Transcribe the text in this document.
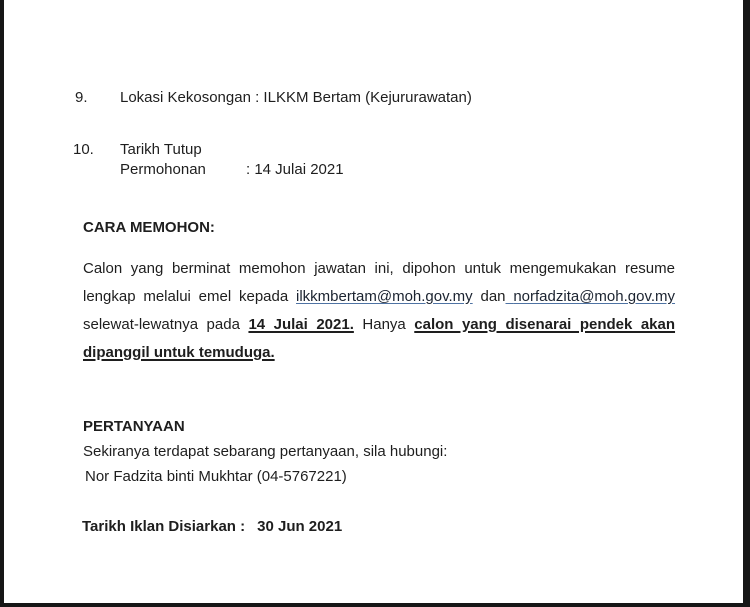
9. Lokasi Kekosongan : ILKKM Bertam (Kejururawatan)
10. Tarikh Tutup
Permohonan	: 14 Julai 2021
CARA MEMOHON:
Calon yang berminat memohon jawatan ini, dipohon untuk mengemukakan resume
lengkap melalui emel kepada ilkkmbertam@moh.gov.my dan norfadzita@moh.gov.my
selewat-lewatnya pada 14 Julai 2021. Hanya calon yang disenarai pendek akan
dipanggil untuk temuduga.
PERTANYAAN
Sekiranya terdapat sebarang pertanyaan, sila hubungi:
Nor Fadzita binti Mukhtar (04-5767221)
Tarikh Iklan Disiarkan : 30 Jun 2021
